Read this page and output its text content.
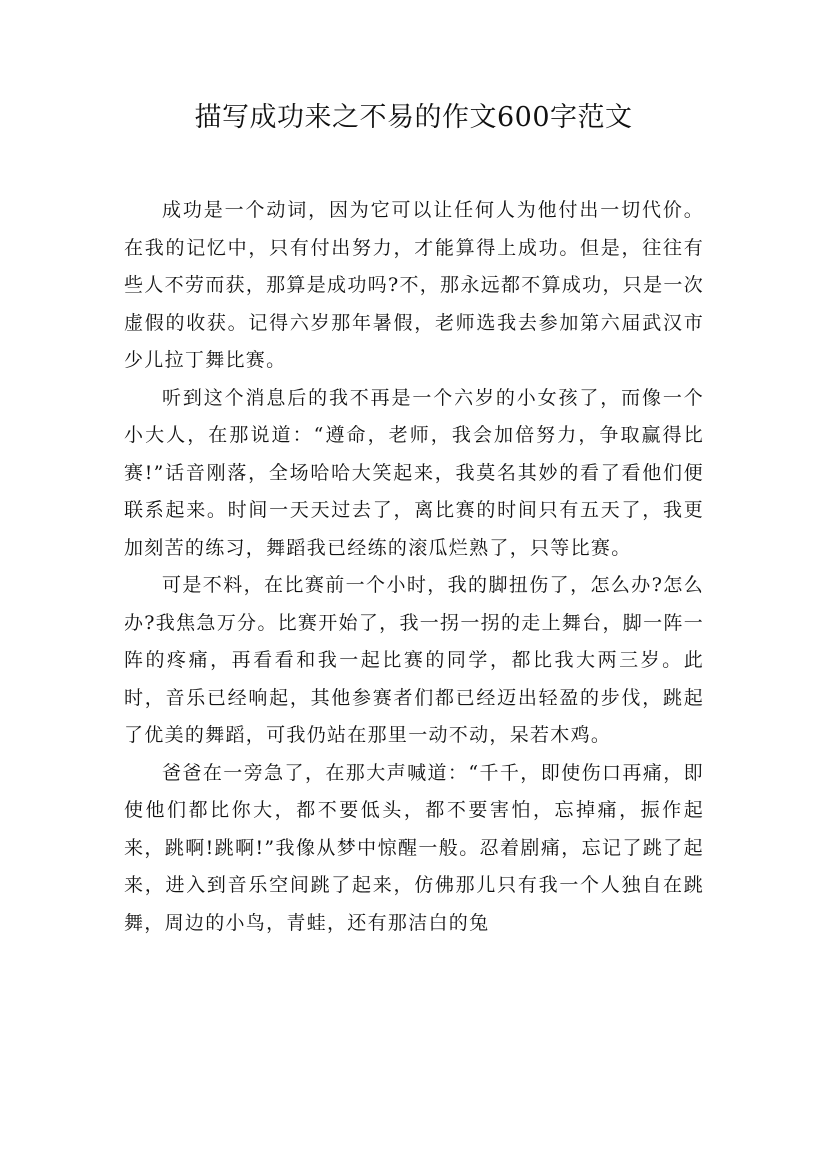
描写成功来之不易的作文600字范文

成功是一个动词，因为它可以让任何人为他付出一切代价。在我的记忆中，只有付出努力，才能算得上成功。但是，往往有些人不劳而获，那算是成功吗?不，那永远都不算成功，只是一次虚假的收获。记得六岁那年暑假，老师选我去参加第六届武汉市少儿拉丁舞比赛。

听到这个消息后的我不再是一个六岁的小女孩了，而像一个小大人，在那说道：“遵命，老师，我会加倍努力，争取赢得比赛!”话音刚落，全场哈哈大笑起来，我莫名其妙的看了看他们便联系起来。时间一天天过去了，离比赛的时间只有五天了，我更加刻苦的练习，舞蹈我已经练的滚瓜烂熟了，只等比赛。

可是不料，在比赛前一个小时，我的脚扭伤了，怎么办?怎么办?我焦急万分。比赛开始了，我一拐一拐的走上舞台，脚一阵一阵的疼痛，再看看和我一起比赛的同学，都比我大两三岁。此时，音乐已经响起，其他参赛者们都已经迈出轻盈的步伐，跳起了优美的舞蹈，可我仍站在那里一动不动，呆若木鸡。

爸爸在一旁急了，在那大声喊道：“千千，即使伤口再痛，即使他们都比你大，都不要低头，都不要害怕，忘掉痛，振作起来，跳啊!跳啊!”我像从梦中惊醒一般。忍着剧痛，忘记了跳了起来，进入到音乐空间跳了起来，仿佛那儿只有我一个人独自在跳舞，周边的小鸟，青蛙，还有那洁白的兔
